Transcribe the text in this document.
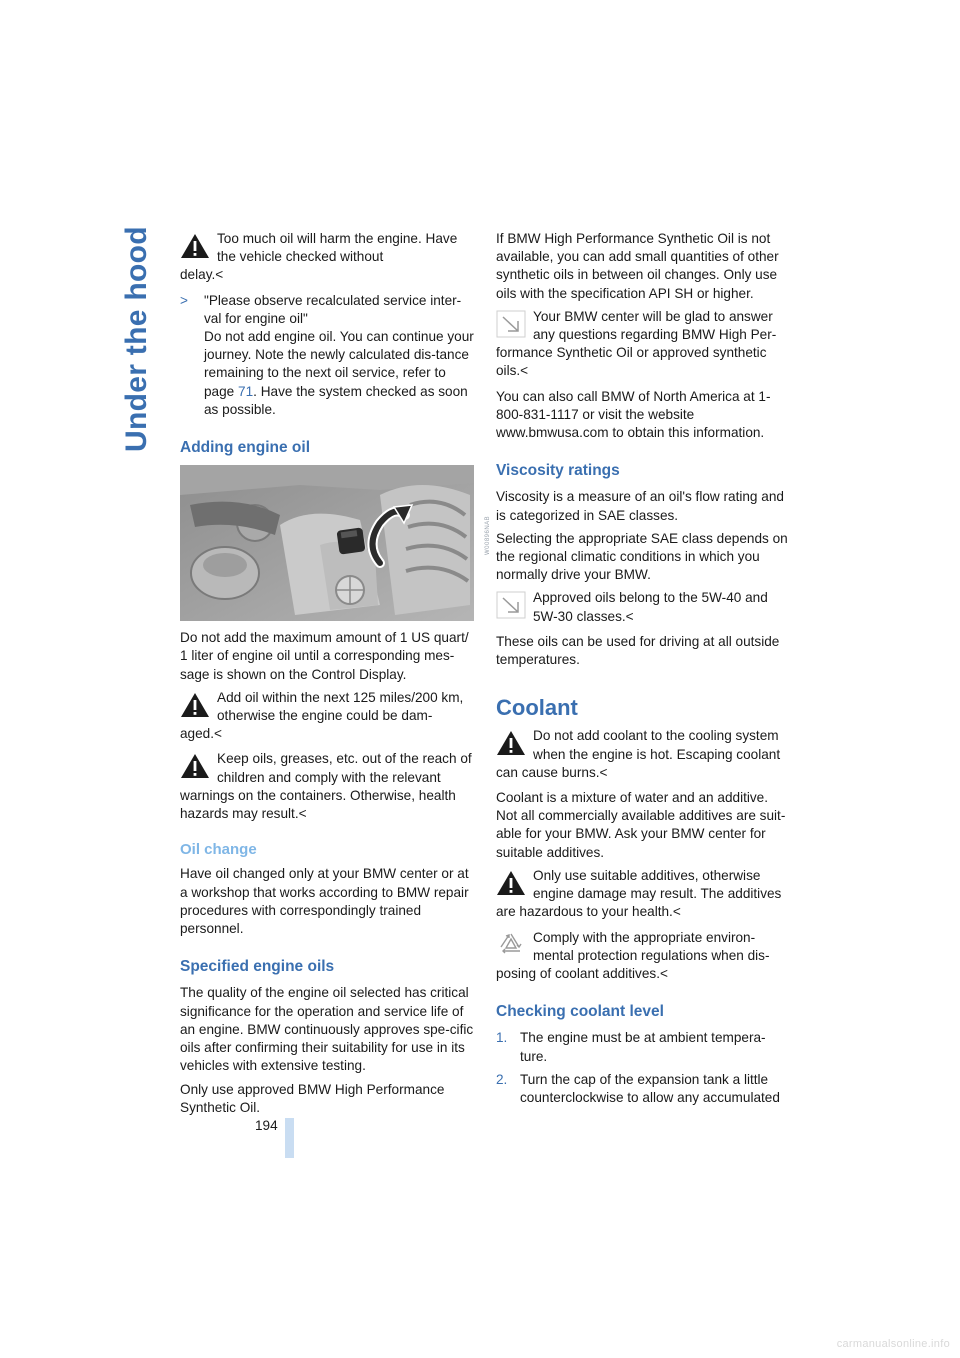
Under the hood	Too much oil will harm the engine. Have the vehicle checked without
delay.<
> "Please observe recalculated service inter-val for engine oil"
Do not add engine oil. You can continue your journey. Note the newly calculated dis-tance remaining to the next oil service, refer to page 71. Have the system checked as soon as possible.
Adding engine oil
W00896NAB

Do not add the maximum amount of 1 US quart/ 1 liter of engine oil until a corresponding mes-sage is shown on the Control Display.

Add oil within the next 125 miles/200 km, otherwise the engine could be dam-
aged.<
Keep oils, greases, etc. out of the reach of children and comply with the relevant
warnings on the containers. Otherwise, health hazards may result.<
Oil change

Have oil changed only at your BMW center or at a workshop that works according to BMW repair procedures with correspondingly trained personnel.

Specified engine oils

The quality of the engine oil selected has critical significance for the operation and service life of an engine. BMW continuously approves spe-cific oils after confirming their suitability for use in its vehicles with extensive testing.

Only use approved BMW High Performance Synthetic Oil.

If BMW High Performance Synthetic Oil is not available, you can add small quantities of other synthetic oils in between oil changes. Only use oils with the specification API SH or higher.

Your BMW center will be glad to answer any questions regarding BMW High Per-
formance Synthetic Oil or approved synthetic oils.<

You can also call BMW of North America at 1-800-831-1117 or visit the website www.bmwusa.com to obtain this information.

Viscosity ratings

Viscosity is a measure of an oil's flow rating and is categorized in SAE classes.

Selecting the appropriate SAE class depends on the regional climatic conditions in which you normally drive your BMW.

Approved oils belong to the 5W-40 and 5W-30 classes.<

These oils can be used for driving at all outside temperatures.

Coolant
Do not add coolant to the cooling system when the engine is hot. Escaping coolant
can cause burns.<

Coolant is a mixture of water and an additive. Not all commercially available additives are suit-able for your BMW. Ask your BMW center for suitable additives.

Only use suitable additives, otherwise engine damage may result. The additives
are hazardous to your health.<
Comply with the appropriate environ-mental protection regulations when dis-
posing of coolant additives.<
Checking coolant level
1. The engine must be at ambient tempera-ture.
2. Turn the cap of the expansion tank a little counterclockwise to allow any accumulated
194
carmanualsonline.info
